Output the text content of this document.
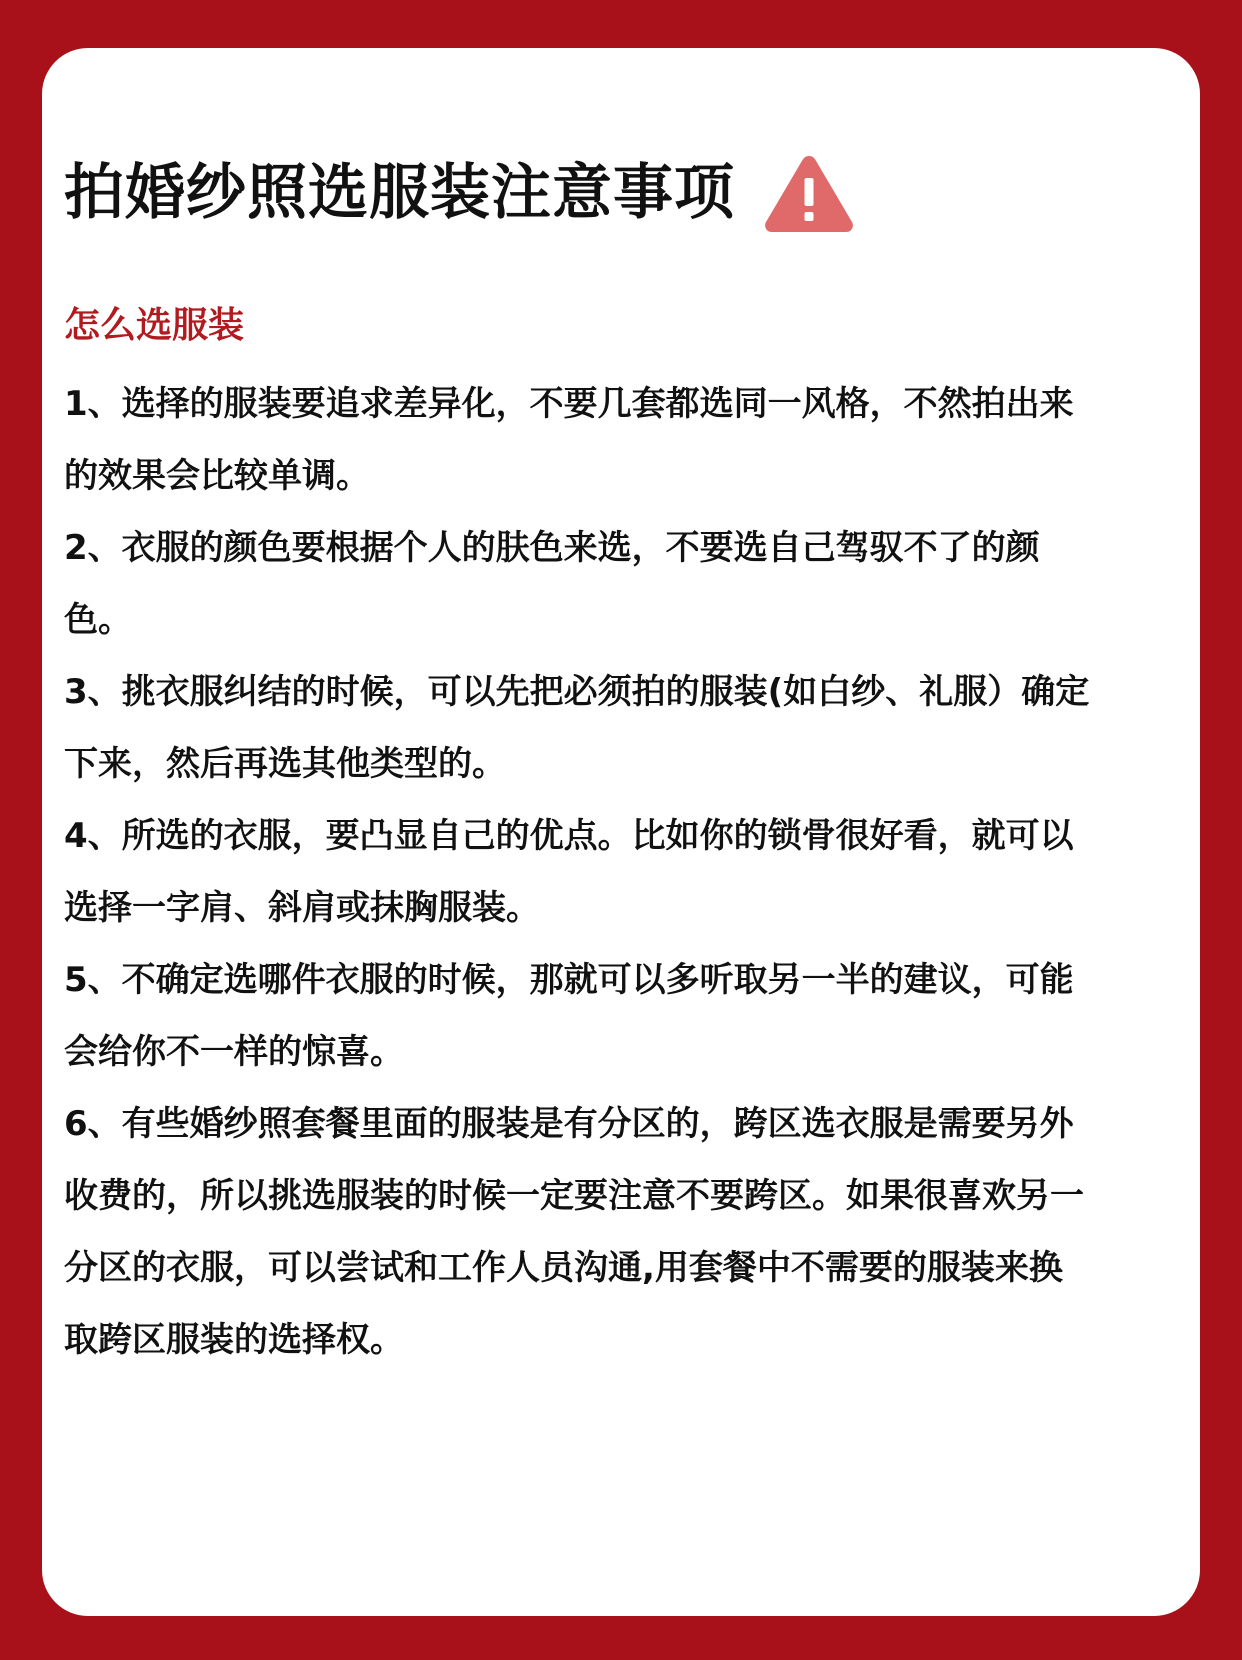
拍婚纱照选服装注意事项
怎么选服装
1、选择的服装要追求差异化，不要几套都选同一风格，不然拍出来的效果会比较单调。
2、衣服的颜色要根据个人的肤色来选，不要选自己驾驭不了的颜色。
3、挑衣服纠结的时候，可以先把必须拍的服装(如白纱、礼服）确定下来，然后再选其他类型的。
4、所选的衣服，要凸显自己的优点。比如你的锁骨很好看，就可以选择一字肩、斜肩或抹胸服装。
5、不确定选哪件衣服的时候，那就可以多听取另一半的建议，可能会给你不一样的惊喜。
6、有些婚纱照套餐里面的服装是有分区的，跨区选衣服是需要另外收费的，所以挑选服装的时候一定要注意不要跨区。如果很喜欢另一分区的衣服，可以尝试和工作人员沟通,用套餐中不需要的服装来换取跨区服装的选择权。
